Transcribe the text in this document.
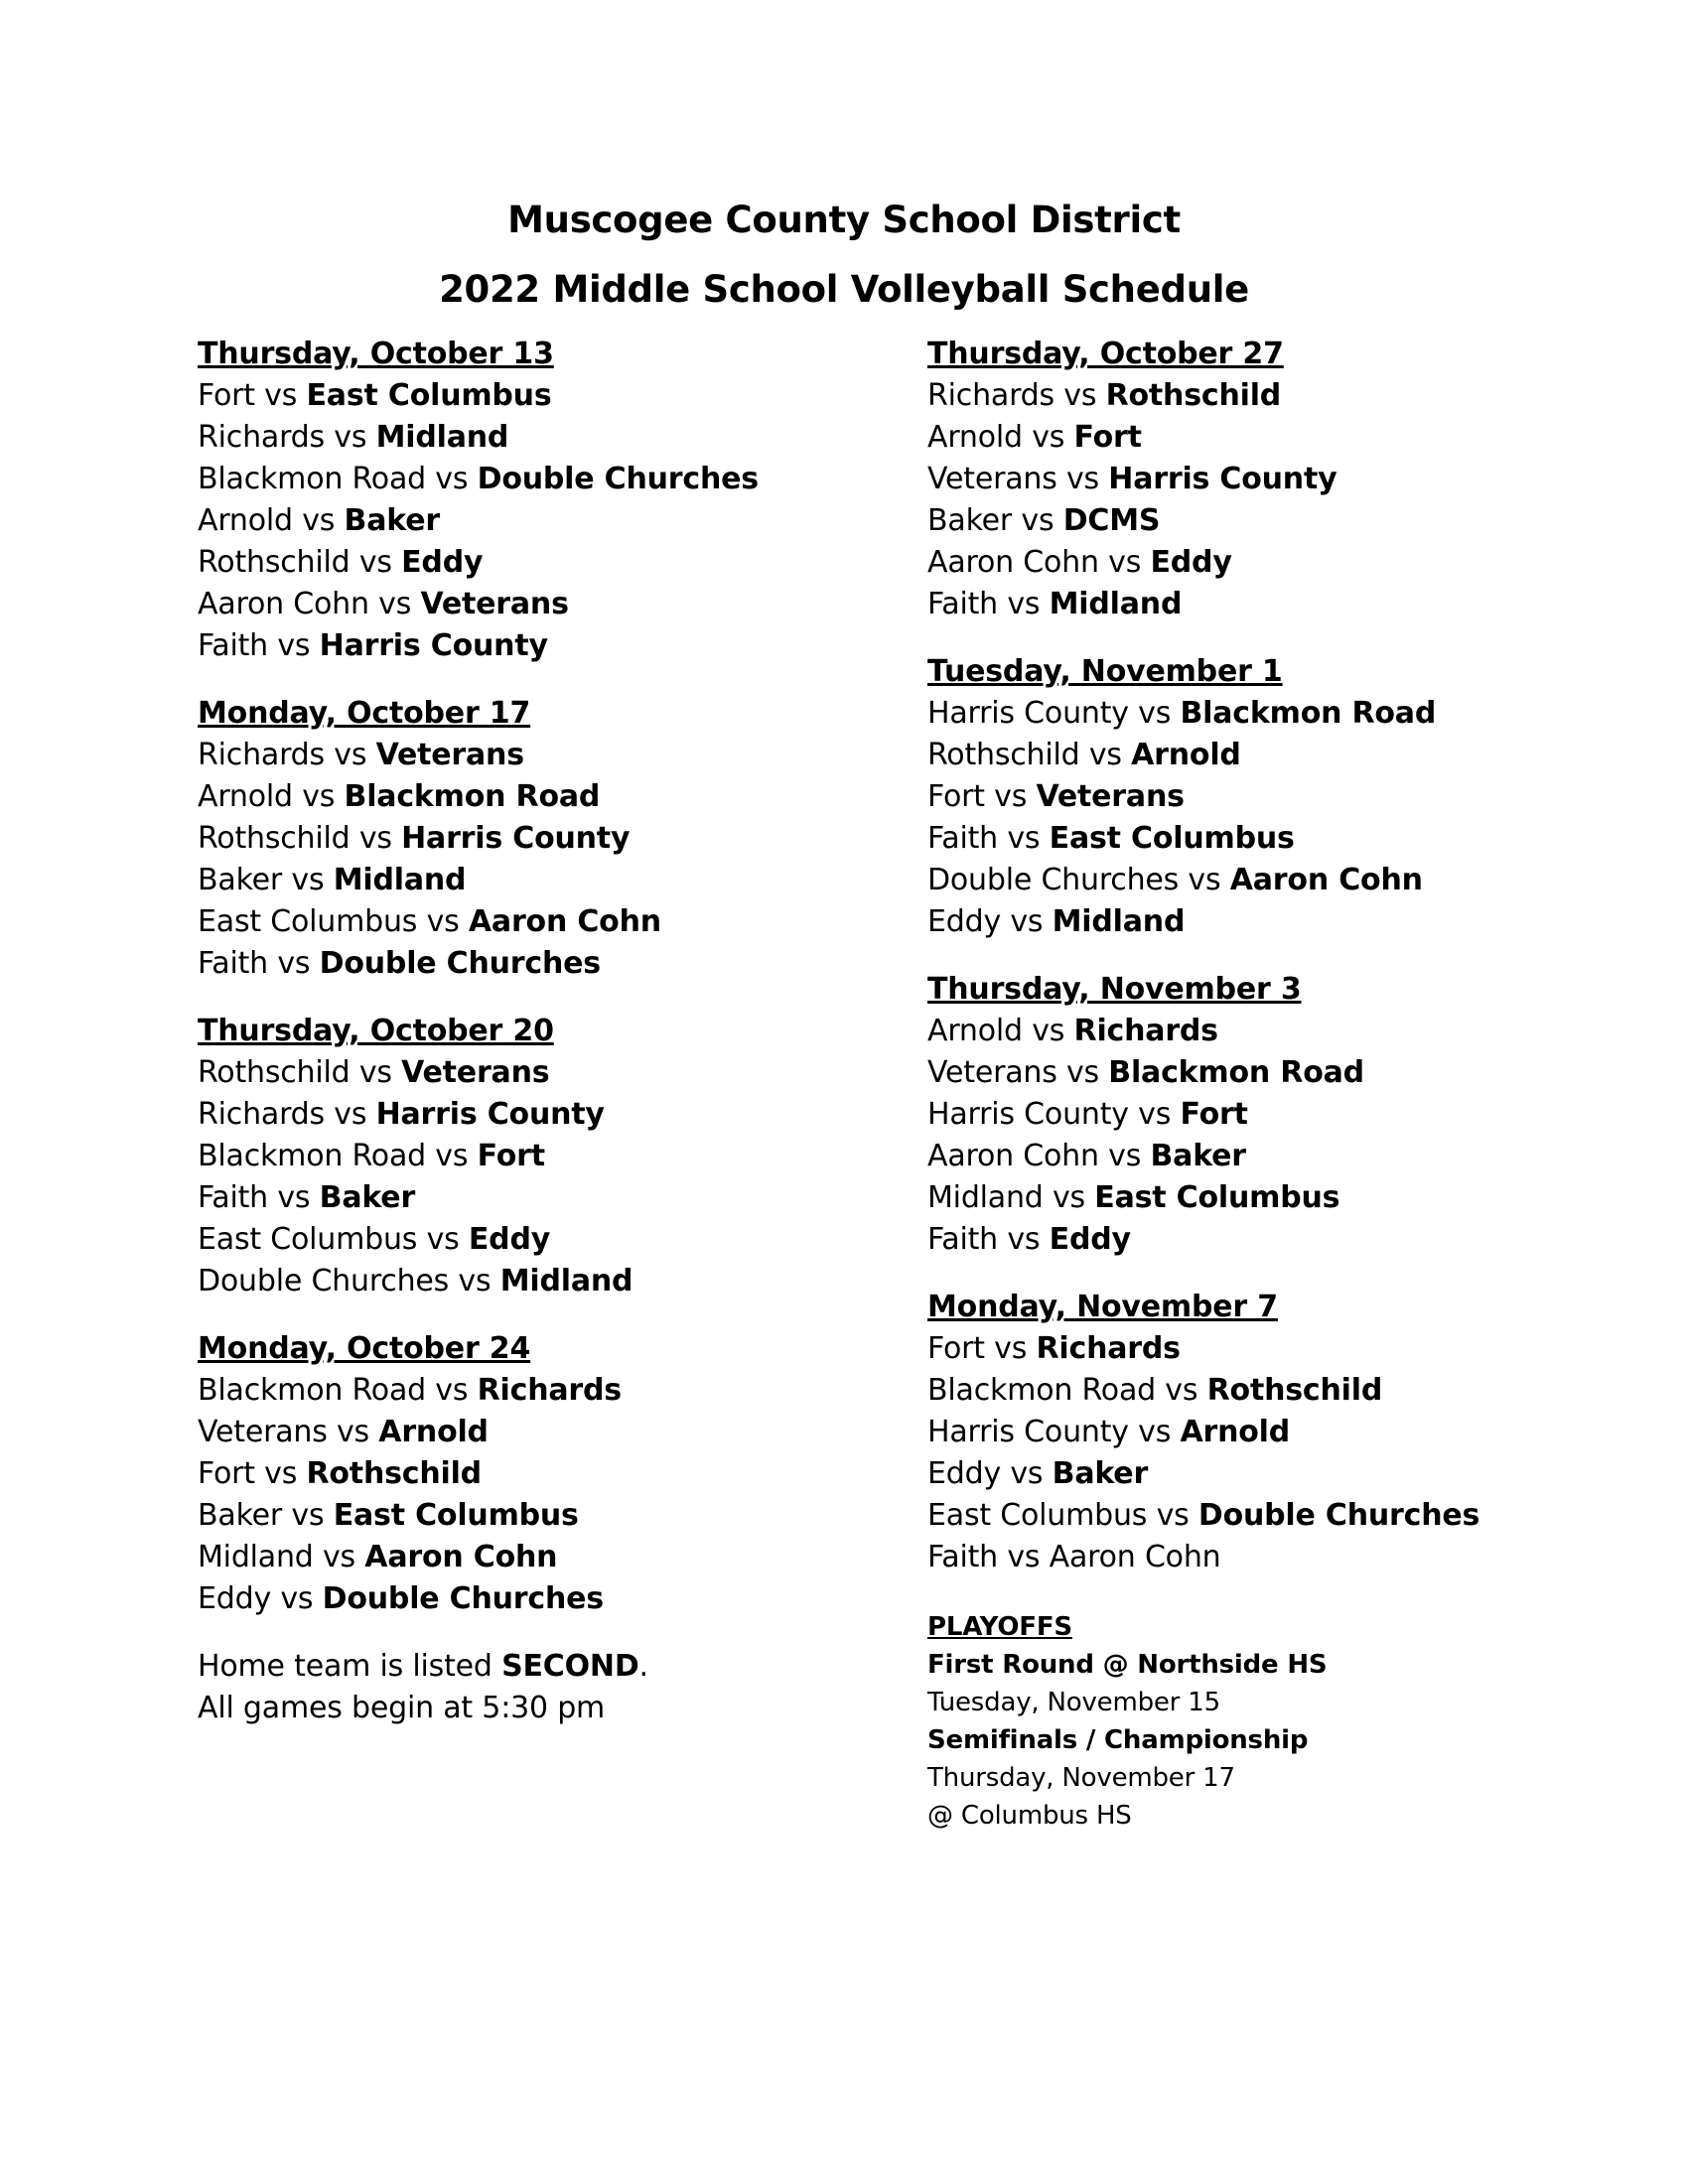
Muscogee County School District
2022 Middle School Volleyball Schedule
Thursday, October 13
Fort vs East Columbus
Richards vs Midland
Blackmon Road vs Double Churches
Arnold vs Baker
Rothschild vs Eddy
Aaron Cohn vs Veterans
Faith vs Harris County
Monday, October 17
Richards vs Veterans
Arnold vs Blackmon Road
Rothschild vs Harris County
Baker vs Midland
East Columbus vs Aaron Cohn
Faith vs Double Churches
Thursday, October 20
Rothschild vs Veterans
Richards vs Harris County
Blackmon Road vs Fort
Faith vs Baker
East Columbus vs Eddy
Double Churches vs Midland
Monday, October 24
Blackmon Road vs Richards
Veterans vs Arnold
Fort vs Rothschild
Baker vs East Columbus
Midland vs Aaron Cohn
Eddy vs Double Churches
Home team is listed SECOND.
All games begin at 5:30 pm
Thursday, October 27
Richards vs Rothschild
Arnold vs Fort
Veterans vs Harris County
Baker vs DCMS
Aaron Cohn vs Eddy
Faith vs Midland
Tuesday, November 1
Harris County vs Blackmon Road
Rothschild vs Arnold
Fort vs Veterans
Faith vs East Columbus
Double Churches vs Aaron Cohn
Eddy vs Midland
Thursday, November 3
Arnold vs Richards
Veterans vs Blackmon Road
Harris County vs Fort
Aaron Cohn vs Baker
Midland vs East Columbus
Faith vs Eddy
Monday, November 7
Fort vs Richards
Blackmon Road vs Rothschild
Harris County vs Arnold
Eddy vs Baker
East Columbus vs Double Churches
Faith vs Aaron Cohn
PLAYOFFS
First Round @ Northside HS
Tuesday, November 15
Semifinals / Championship
Thursday, November 17
@ Columbus HS
